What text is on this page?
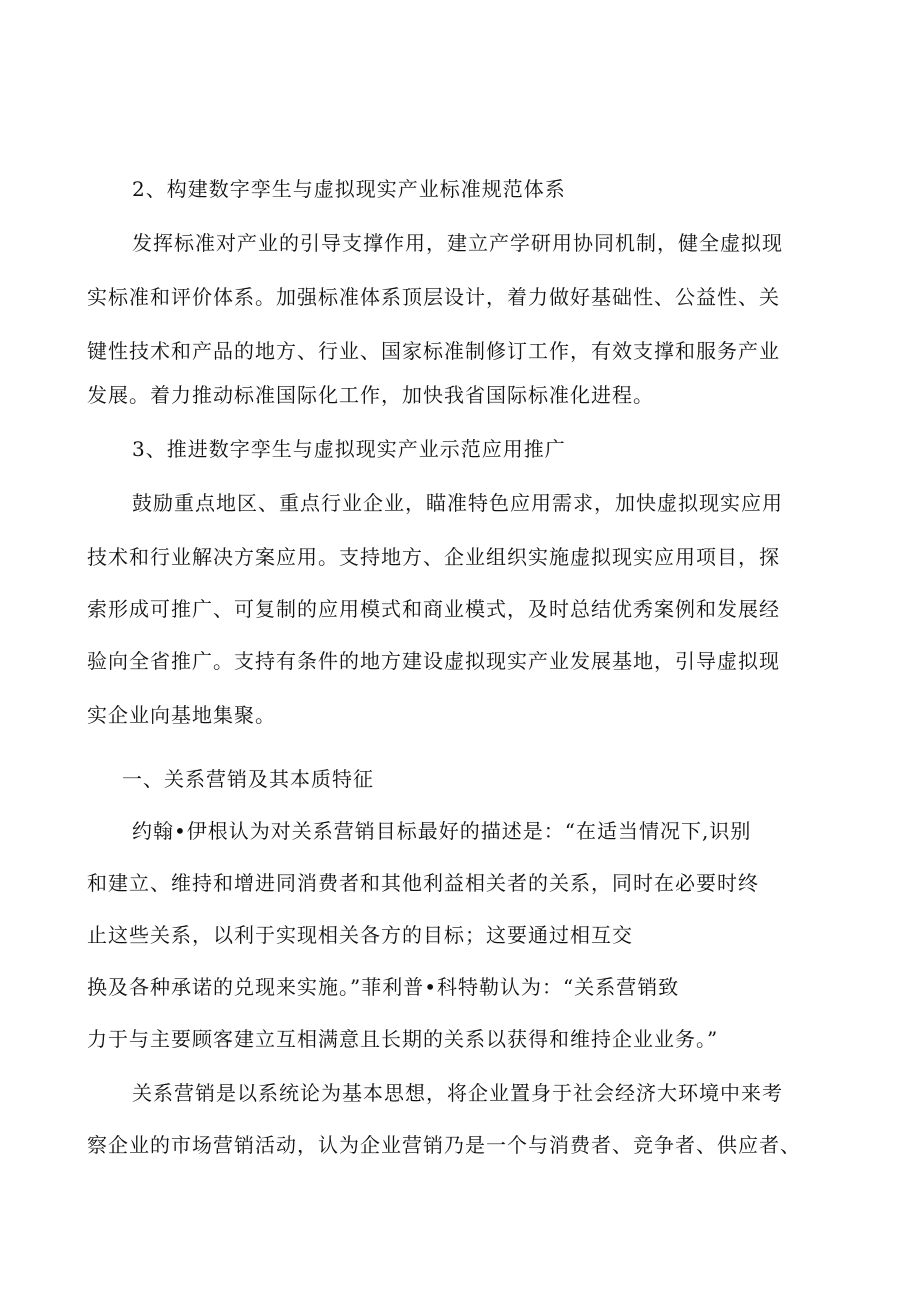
2、构建数字孪生与虚拟现实产业标准规范体系
发挥标准对产业的引导支撑作用，建立产学研用协同机制，健全虚拟现
实标准和评价体系。加强标准体系顶层设计，着力做好基础性、公益性、关
键性技术和产品的地方、行业、国家标准制修订工作，有效支撑和服务产业
发展。着力推动标准国际化工作，加快我省国际标准化进程。
3、推进数字孪生与虚拟现实产业示范应用推广
鼓励重点地区、重点行业企业，瞄准特色应用需求，加快虚拟现实应用
技术和行业解决方案应用。支持地方、企业组织实施虚拟现实应用项目，探
索形成可推广、可复制的应用模式和商业模式，及时总结优秀案例和发展经
验向全省推广。支持有条件的地方建设虚拟现实产业发展基地，引导虚拟现
实企业向基地集聚。
一、关系营销及其本质特征
约翰•伊根认为对关系营销目标最好的描述是：“在适当情况下,识别
和建立、维持和增进同消费者和其他利益相关者的关系，同时在必要时终
止这些关系，以利于实现相关各方的目标；这要通过相互交
换及各种承诺的兑现来实施。”菲利普•科特勒认为：“关系营销致
力于与主要顾客建立互相满意且长期的关系以获得和维持企业业务。”
关系营销是以系统论为基本思想，将企业置身于社会经济大环境中来考
察企业的市场营销活动，认为企业营销乃是一个与消费者、竞争者、供应者、
